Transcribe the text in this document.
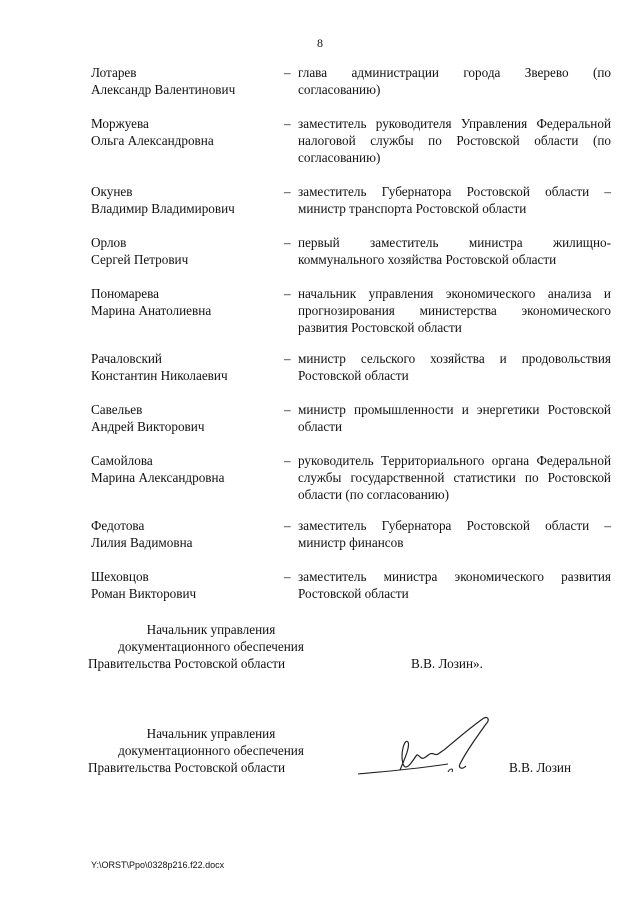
8
Лотарев
Александр Валентинович
– глава администрации города Зверево (по согласованию)
Моржуева
Ольга Александровна
– заместитель руководителя Управления Федеральной налоговой службы по Ростовской области (по согласованию)
Окунев
Владимир Владимирович
– заместитель Губернатора Ростовской области – министр транспорта Ростовской области
Орлов
Сергей Петрович
– первый заместитель министра жилищно-коммунального хозяйства Ростовской области
Пономарева
Марина Анатолиевна
– начальник управления экономического анализа и прогнозирования министерства экономического развития Ростовской области
Рачаловский
Константин Николаевич
– министр сельского хозяйства и продовольствия Ростовской области
Савельев
Андрей Викторович
– министр промышленности и энергетики Ростовской области
Самойлова
Марина Александровна
– руководитель Территориального органа Федеральной службы государственной статистики по Ростовской области (по согласованию)
Федотова
Лилия Вадимовна
– заместитель Губернатора Ростовской области – министр финансов
Шеховцов
Роман Викторович
– заместитель министра экономического развития Ростовской области
Начальник управления
документационного обеспечения
Правительства Ростовской области	В.В. Лозин».
Начальник управления
документационного обеспечения
Правительства Ростовской области	В.В. Лозин
Y:\ORST\Ppo\0328p216.f22.docx
